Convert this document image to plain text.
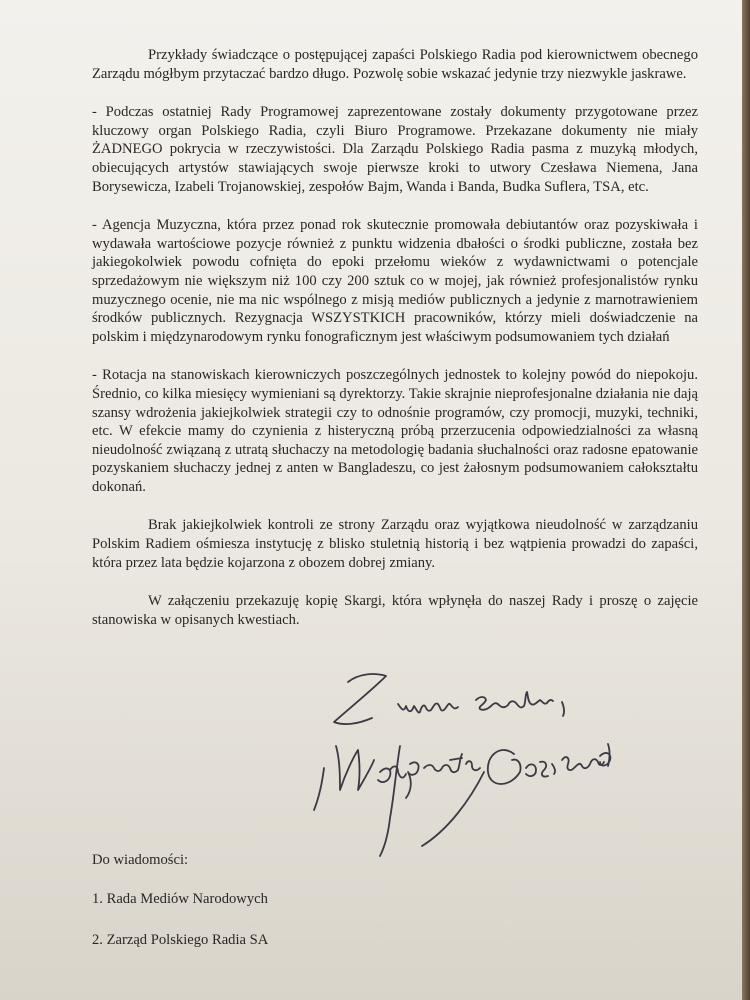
Przykłady świadczące o postępującej zapaści Polskiego Radia pod kierownictwem obecnego Zarządu mógłbym przytaczać bardzo długo. Pozwolę sobie wskazać jedynie trzy niezwykle jaskrawe.

- Podczas ostatniej Rady Programowej zaprezentowane zostały dokumenty przygotowane przez kluczowy organ Polskiego Radia, czyli Biuro Programowe. Przekazane dokumenty nie miały ŻADNEGO pokrycia w rzeczywistości. Dla Zarządu Polskiego Radia pasma z muzyką młodych, obiecujących artystów stawiających swoje pierwsze kroki to utwory Czesława Niemena, Jana Borysewicza, Izabeli Trojanowskiej, zespołów Bajm, Wanda i Banda, Budka Suflera, TSA, etc.

- Agencja Muzyczna, która przez ponad rok skutecznie promowała debiutantów oraz pozyskiwała i wydawała wartościowe pozycje również z punktu widzenia dbałości o środki publiczne, została bez jakiegokolwiek powodu cofnięta do epoki przełomu wieków z wydawnictwami o potencjale sprzedażowym nie większym niż 100 czy 200 sztuk co w mojej, jak również profesjonalistów rynku muzycznego ocenie, nie ma nic wspólnego z misją mediów publicznych a jedynie z marnotrawieniem środków publicznych. Rezygnacja WSZYSTKICH pracowników, którzy mieli doświadczenie na polskim i międzynarodowym rynku fonograficznym jest właściwym podsumowaniem tych działań

- Rotacja na stanowiskach kierowniczych poszczególnych jednostek to kolejny powód do niepokoju. Średnio, co kilka miesięcy wymieniani są dyrektorzy. Takie skrajnie nieprofesjonalne działania nie dają szansy wdrożenia jakiejkolwiek strategii czy to odnośnie programów, czy promocji, muzyki, techniki, etc. W efekcie mamy do czynienia z histeryczną próbą przerzucenia odpowiedzialności za własną nieudolność związaną z utratą słuchaczy na metodologię badania słuchalności oraz radosne epatowanie pozyskaniem słuchaczy jednej z anten w Bangladeszu, co jest żałosnym podsumowaniem całokształtu dokonań.

Brak jakiejkolwiek kontroli ze strony Zarządu oraz wyjątkowa nieudolność w zarządzaniu Polskim Radiem ośmiesza instytucję z blisko stuletnią historią i bez wątpienia prowadzi do zapaści, która przez lata będzie kojarzona z obozem dobrej zmiany.

W załączeniu przekazuję kopię Skargi, która wpłynęła do naszej Rady i proszę o zajęcie stanowiska w opisanych kwestiach.

Do wiadomości:
1. Rada Mediów Narodowych
2. Zarząd Polskiego Radia SA
